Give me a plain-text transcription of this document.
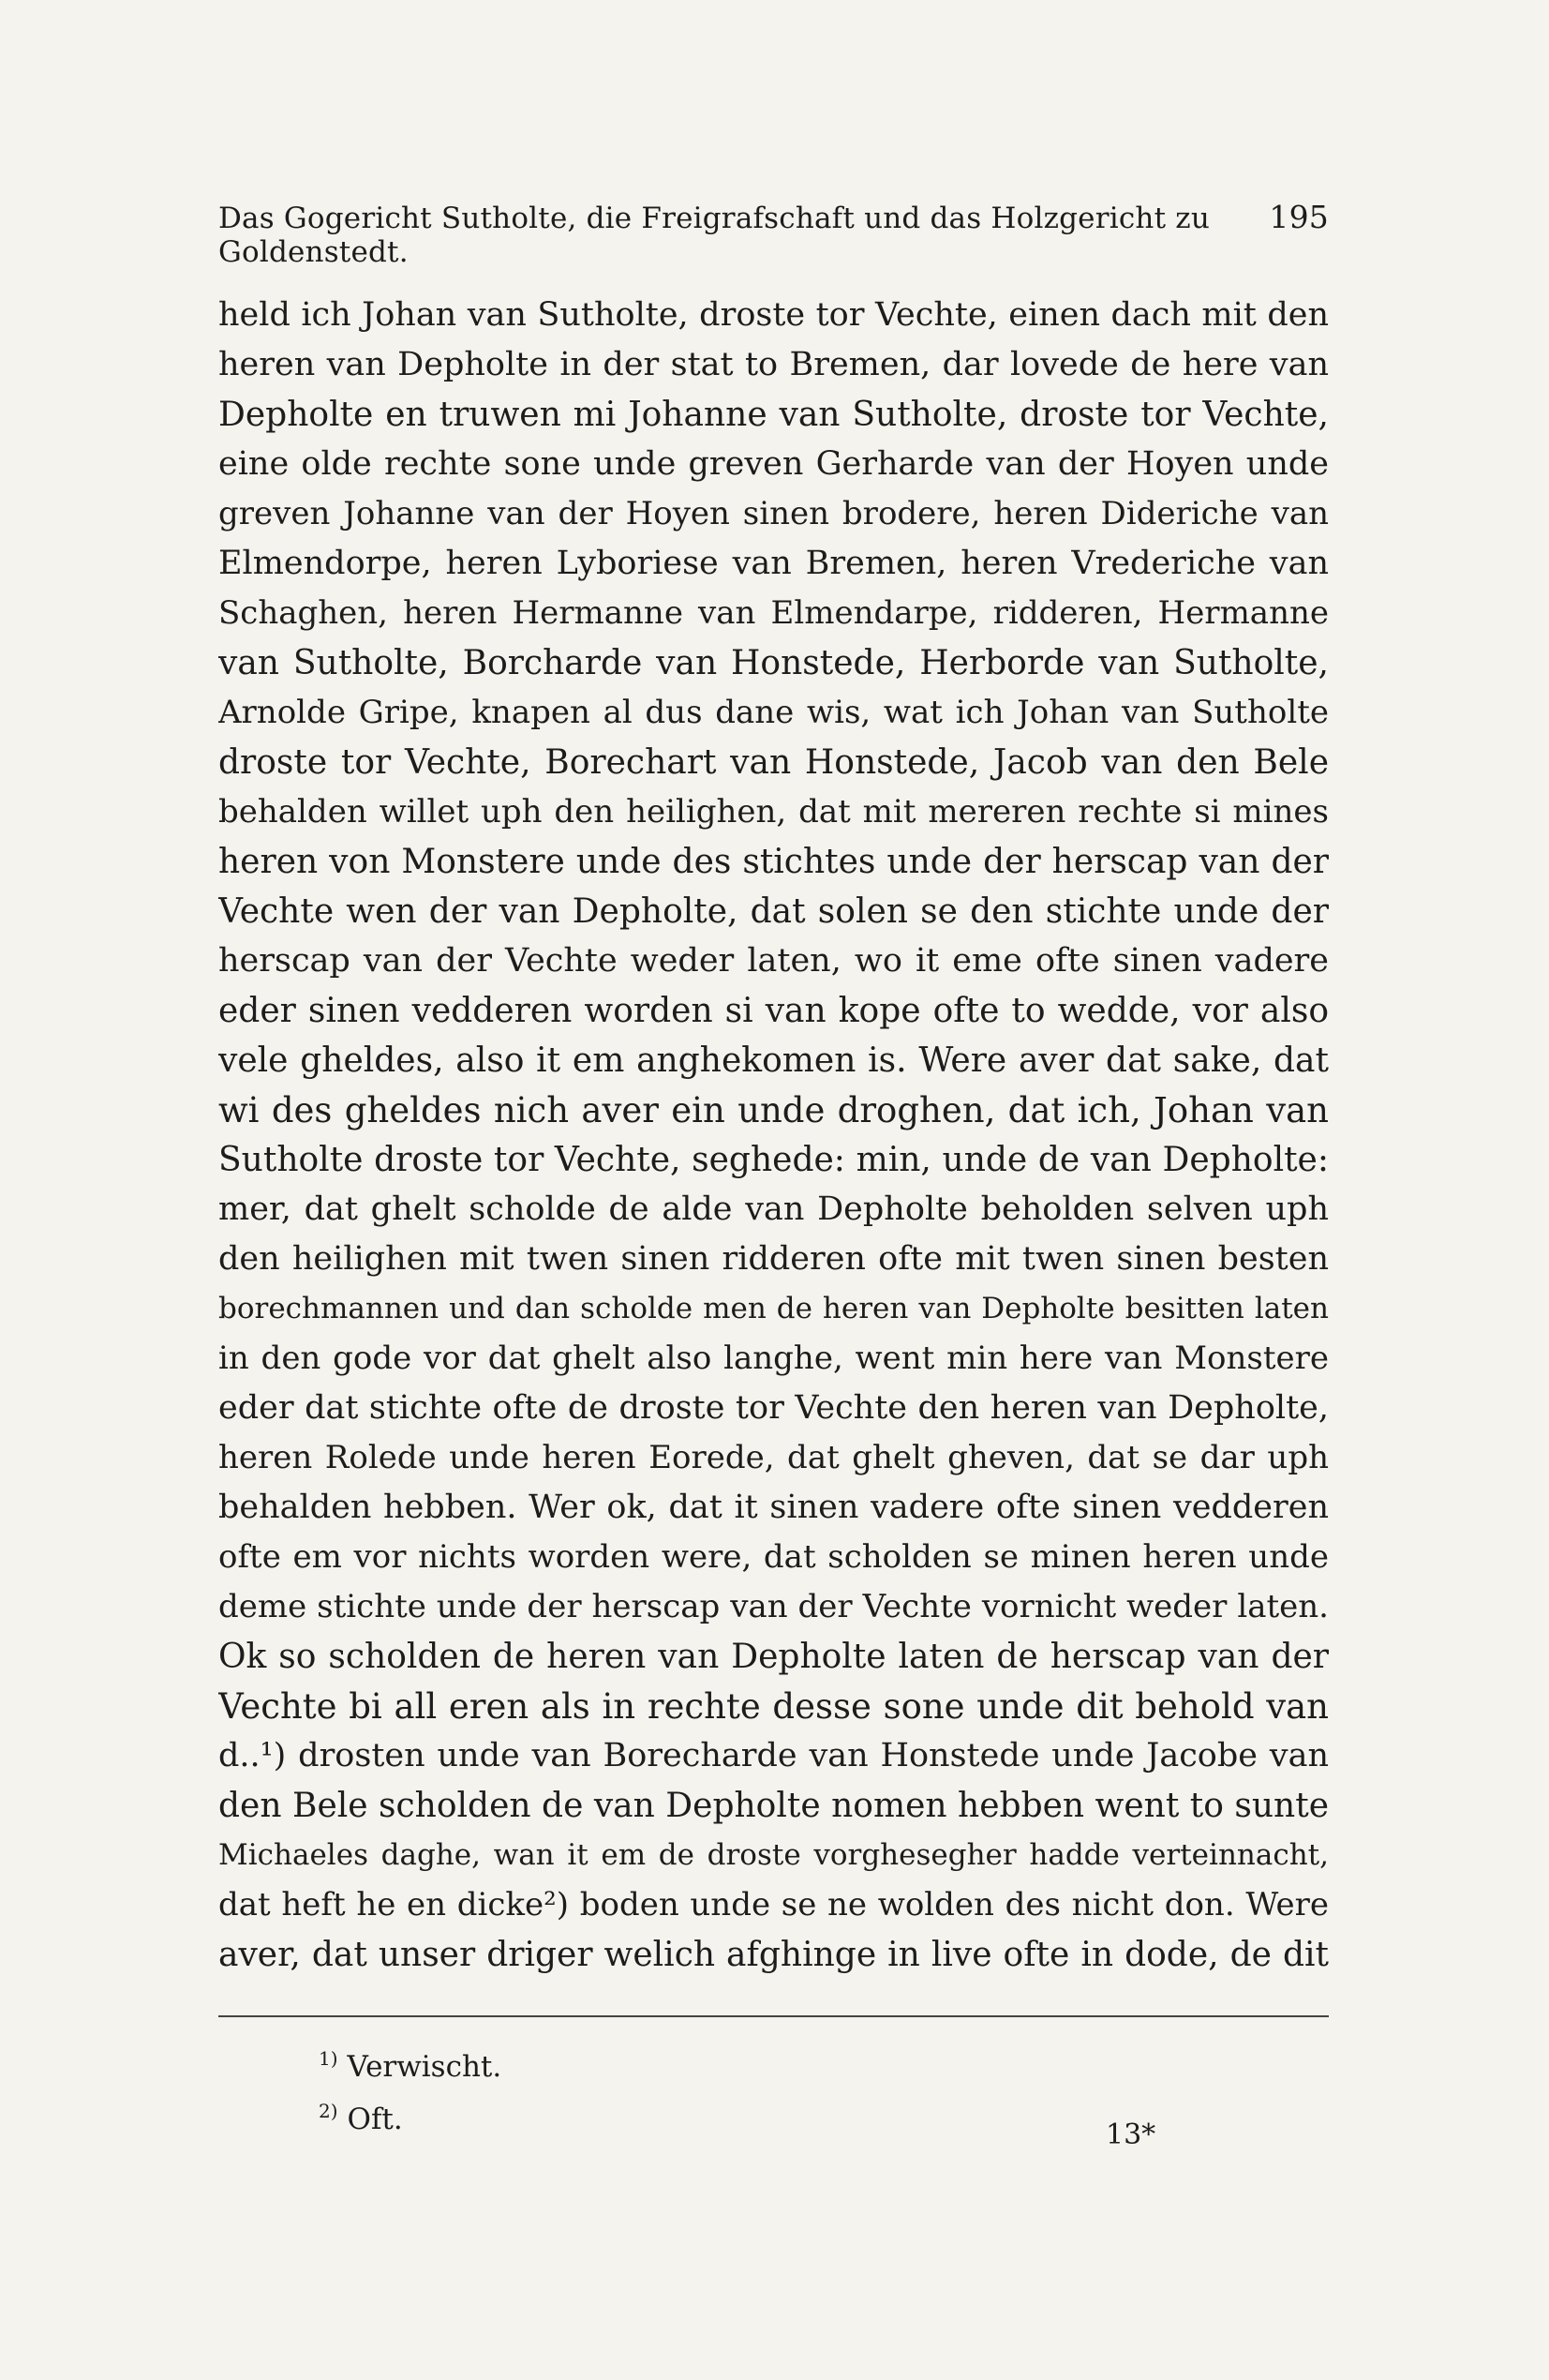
Das Gogericht Sutholte, die Freigrafschaft und das Holzgericht zu Goldenstedt.
195
held ich Johan van Sutholte, droste tor Vechte, einen dach mit den
heren van Depholte in der stat to Bremen, dar lovede de here van
Depholte en truwen mi Johanne van Sutholte, droste tor Vechte,
eine olde rechte sone unde greven Gerharde van der Hoyen unde
greven Johanne van der Hoyen sinen brodere, heren Dideriche van
Elmendorpe, heren Lyboriese van Bremen, heren Vrederiche van
Schaghen, heren Hermanne van Elmendarpe, ridderen, Hermanne
van Sutholte, Borcharde van Honstede, Herborde van Sutholte,
Arnolde Gripe, knapen al dus dane wis, wat ich Johan van Sutholte
droste tor Vechte, Borechart van Honstede, Jacob van den Bele
behalden willet uph den heilighen, dat mit mereren rechte si mines
heren von Monstere unde des stichtes unde der herscap van der
Vechte wen der van Depholte, dat solen se den stichte unde der
herscap van der Vechte weder laten, wo it eme ofte sinen vadere
eder sinen vedderen worden si van kope ofte to wedde, vor also
vele gheldes, also it em anghekomen is. Were aver dat sake, dat
wi des gheldes nich aver ein unde droghen, dat ich, Johan van
Sutholte droste tor Vechte, seghede: min, unde de van Depholte:
mer, dat ghelt scholde de alde van Depholte beholden selven uph
den heilighen mit twen sinen ridderen ofte mit twen sinen besten
borechmannen und dan scholde men de heren van Depholte besitten laten
in den gode vor dat ghelt also langhe, went min here van Monstere
eder dat stichte ofte de droste tor Vechte den heren van Depholte,
heren Rolede unde heren Eorede, dat ghelt gheven, dat se dar uph
behalden hebben. Wer ok, dat it sinen vadere ofte sinen vedderen
ofte em vor nichts worden were, dat scholden se minen heren unde
deme stichte unde der herscap van der Vechte vornicht weder laten.
Ok so scholden de heren van Depholte laten de herscap van der
Vechte bi all eren als in rechte desse sone unde dit behold van
d..¹) drosten unde van Borecharde van Honstede unde Jacobe van
den Bele scholden de van Depholte nomen hebben went to sunte
Michaeles daghe, wan it em de droste vorghesegher hadde verteinnacht,
dat heft he en dicke²) boden unde se ne wolden des nicht don. Were
aver, dat unser driger welich afghinge in live ofte in dode, de dit
$^{1)}$ Verwischt.
$^{2)}$ Oft.	13*
